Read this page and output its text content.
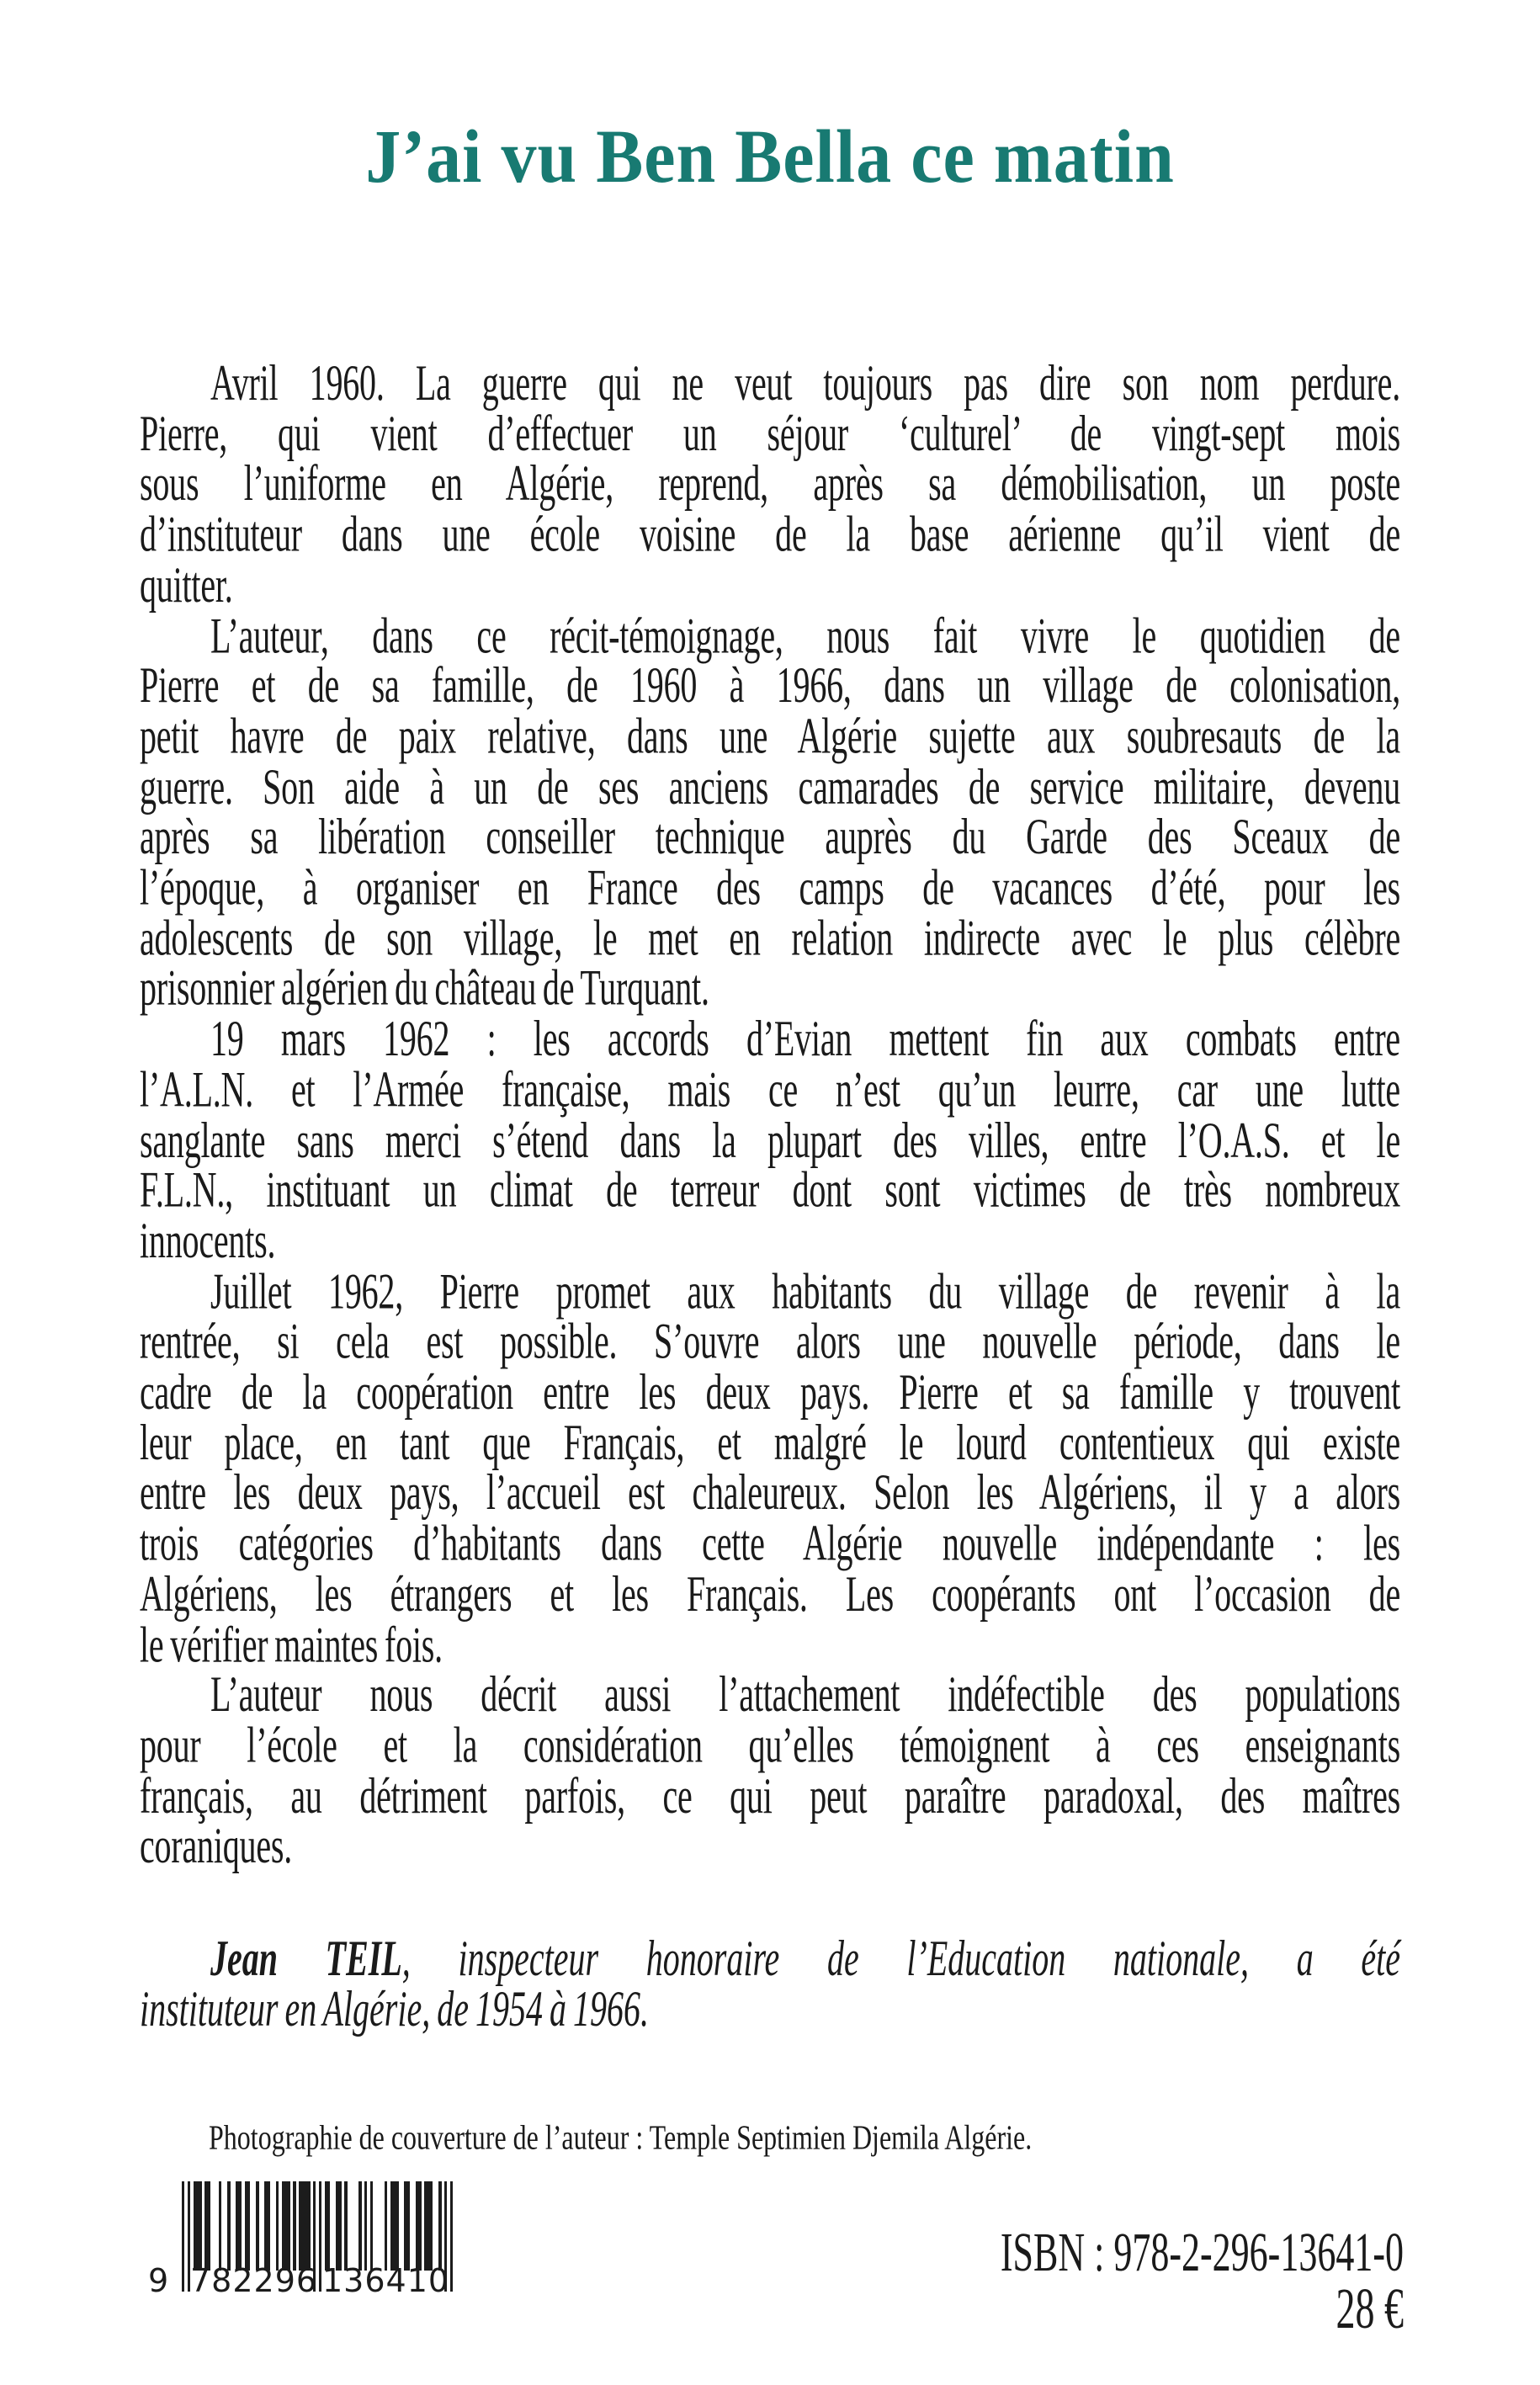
J’ai vu Ben Bella ce matin
Avril 1960. La guerre qui ne veut toujours pas dire son nom perdure.
Pierre, qui vient d’effectuer un séjour ‘culturel’ de vingt-sept mois
sous l’uniforme en Algérie, reprend, après sa démobilisation, un poste
d’instituteur dans une école voisine de la base aérienne qu’il vient de
quitter.
L’auteur, dans ce récit-témoignage, nous fait vivre le quotidien de
Pierre et de sa famille, de 1960 à 1966, dans un village de colonisation,
petit havre de paix relative, dans une Algérie sujette aux soubresauts de la
guerre. Son aide à un de ses anciens camarades de service militaire, devenu
après sa libération conseiller technique auprès du Garde des Sceaux de
l’époque, à organiser en France des camps de vacances d’été, pour les
adolescents de son village, le met en relation indirecte avec le plus célèbre
prisonnier algérien du château de Turquant.
19 mars 1962 : les accords d’Evian mettent fin aux combats entre
l’A.L.N. et l’Armée française, mais ce n’est qu’un leurre, car une lutte
sanglante sans merci s’étend dans la plupart des villes, entre l’O.A.S. et le
F.L.N., instituant un climat de terreur dont sont victimes de très nombreux
innocents.
Juillet 1962, Pierre promet aux habitants du village de revenir à la
rentrée, si cela est possible. S’ouvre alors une nouvelle période, dans le
cadre de la coopération entre les deux pays. Pierre et sa famille y trouvent
leur place, en tant que Français, et malgré le lourd contentieux qui existe
entre les deux pays, l’accueil est chaleureux. Selon les Algériens, il y a alors
trois catégories d’habitants dans cette Algérie nouvelle indépendante : les
Algériens, les étrangers et les Français. Les coopérants ont l’occasion de
le vérifier maintes fois.
L’auteur nous décrit aussi l’attachement indéfectible des populations
pour l’école et la considération qu’elles témoignent à ces enseignants
français, au détriment parfois, ce qui peut paraître paradoxal, des maîtres
coraniques.
Jean TEIL, inspecteur honoraire de l’Education nationale, a été
instituteur en Algérie, de 1954 à 1966.
Photographie de couverture de l’auteur : Temple Septimien Djemila Algérie.
9 782296 136410	ISBN : 978-2-296-13641-0
28 €
